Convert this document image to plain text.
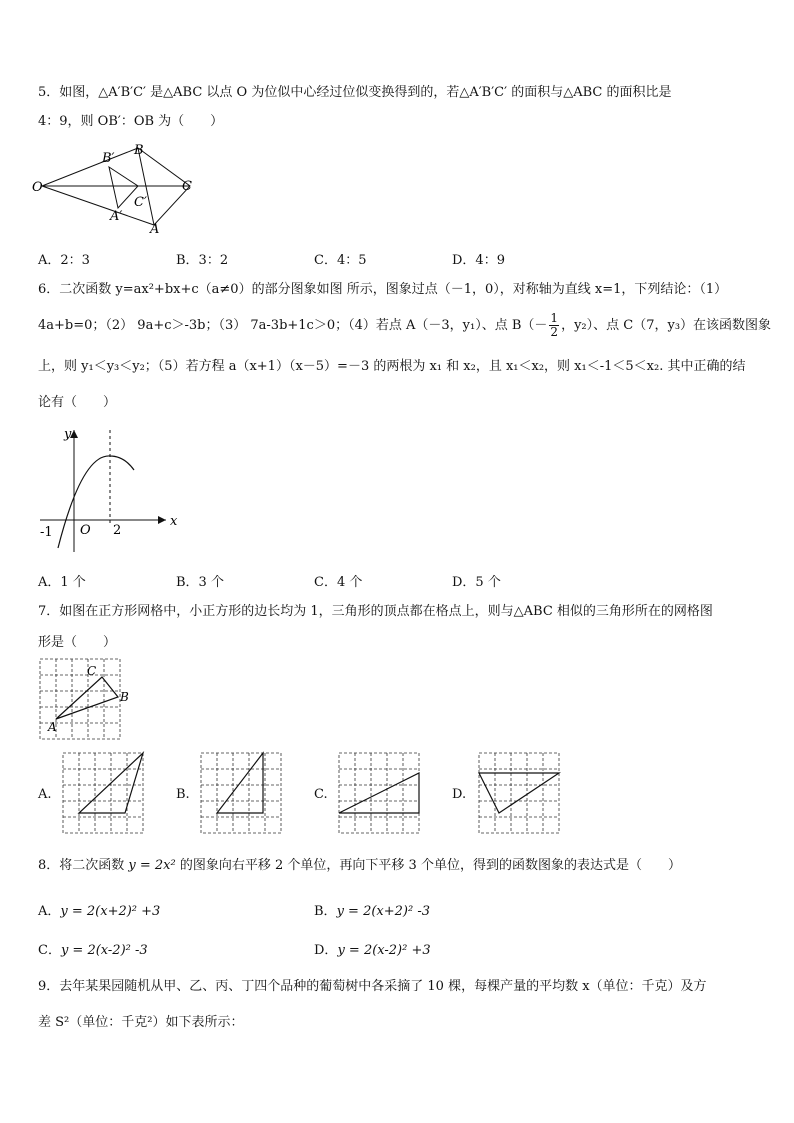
5．如图，△A′B′C′ 是△ABC 以点 O 为位似中心经过位似变换得到的，若△A′B′C′ 的面积与△ABC 的面积比是
4：9，则 OB′：OB 为（　　）
O
B′
B
C
C′
A′
A
A．2：3	B．3：2	C．4：5	D．4：9
6．二次函数 y=ax²+bx+c（a≠0）的部分图象如图 所示，图象过点（－1，0），对称轴为直线 x=1，下列结论：（1）
4a+b=0；（2） 9a+c＞-3b；（3） 7a-3b+1c＞0；（4）若点 A（－3，y₁）、点 $B(- \frac{1}{2}$ ，y₂）、点 C（7，y₃）在该函数图象
上，则 y₁＜y₃＜y₂；（5）若方程 a（x+1）（x－5）=－3 的两根为 x₁ 和 x₂，且 x₁＜x₂，则 x₁＜-1＜5＜x₂. 其中正确的结
论有（　　）
y
x
-1 O 2
A．1 个	B．3 个	C．4 个	D．5 个
7．如图在正方形网格中，小正方形的边长均为 1，三角形的顶点都在格点上，则与△ABC 相似的三角形所在的网格图
形是（　　）
C
B
A
A.	B.	C.	D.
8．将二次函数 y = 2x² 的图象向右平移 2 个单位，再向下平移 3 个单位，得到的函数图象的表达式是（　　）
A．y = 2(x+2)² +3	B．y = 2(x+2)² -3
C．y = 2(x-2)² -3	D．y = 2(x-2)² +3
9．去年某果园随机从甲、乙、丙、丁四个品种的葡萄树中各采摘了 10 棵，每棵产量的平均数 x（单位：千克）及方
差 S²（单位：千克²）如下表所示：
